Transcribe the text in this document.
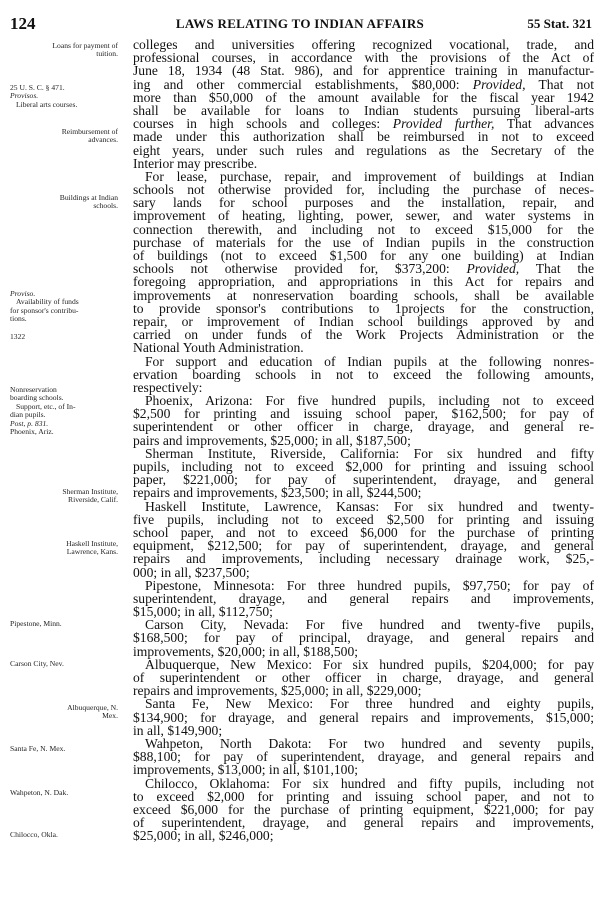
124	LAWS RELATING TO INDIAN AFFAIRS	55 Stat. 321
Loans for payment of
tuition.
25 U. S. C. § 471.
Provisos.
Liberal arts courses.
Reimbursement of
advances.
Buildings at Indian
schools.
Proviso.
Availability of funds
for sponsor's contribu-
tions.
1322
Nonreservation
boarding schools.
Support, etc., of In-
dian pupils.
Post, p. 831.
Phoenix, Ariz.
Sherman Institute,
Riverside, Calif.
Haskell Institute,
Lawrence, Kans.
Pipestone, Minn.
Carson City, Nev.
Albuquerque, N.
Mex.
Santa Fe, N. Mex.
Wahpeton, N. Dak.
Chilocco, Okla.
colleges and universities offering recognized vocational, trade, and
professional courses, in accordance with the provisions of the Act of
June 18, 1934 (48 Stat. 986), and for apprentice training in manufactur-
ing and other commercial establishments, $80,000: Provided, That not
more than $50,000 of the amount available for the fiscal year 1942
shall be available for loans to Indian students pursuing liberal-arts
courses in high schools and colleges: Provided further, That advances
made under this authorization shall be reimbursed in not to exceed
eight years, under such rules and regulations as the Secretary of the
Interior may prescribe.
For lease, purchase, repair, and improvement of buildings at Indian
schools not otherwise provided for, including the purchase of neces-
sary lands for school purposes and the installation, repair, and
improvement of heating, lighting, power, sewer, and water systems in
connection therewith, and including not to exceed $15,000 for the
purchase of materials for the use of Indian pupils in the construction
of buildings (not to exceed $1,500 for any one building) at Indian
schools not otherwise provided for, $373,200: Provided, That the
foregoing appropriation, and appropriations in this Act for repairs and
improvements at nonreservation boarding schools, shall be available
to provide sponsor's contributions to 1projects for the construction,
repair, or improvement of Indian school buildings approved by and
carried on under funds of the Work Projects Administration or the
National Youth Administration.
For support and education of Indian pupils at the following nonres-
ervation boarding schools in not to exceed the following amounts,
respectively:
Phoenix, Arizona: For five hundred pupils, including not to exceed
$2,500 for printing and issuing school paper, $162,500; for pay of
superintendent or other officer in charge, drayage, and general re-
pairs and improvements, $25,000; in all, $187,500;
Sherman Institute, Riverside, California: For six hundred and fifty
pupils, including not to exceed $2,000 for printing and issuing school
paper, $221,000; for pay of superintendent, drayage, and general
repairs and improvements, $23,500; in all, $244,500;
Haskell Institute, Lawrence, Kansas: For six hundred and twenty-
five pupils, including not to exceed $2,500 for printing and issuing
school paper, and not to exceed $6,000 for the purchase of printing
equipment, $212,500; for pay of superintendent, drayage, and general
repairs and improvements, including necessary drainage work, $25,-
000; in all, $237,500;
Pipestone, Minnesota: For three hundred pupils, $97,750; for pay of
superintendent, drayage, and general repairs and improvements,
$15,000; in all, $112,750;
Carson City, Nevada: For five hundred and twenty-five pupils,
$168,500; for pay of principal, drayage, and general repairs and
improvements, $20,000; in all, $188,500;
Albuquerque, New Mexico: For six hundred pupils, $204,000; for pay
of superintendent or other officer in charge, drayage, and general
repairs and improvements, $25,000; in all, $229,000;
Santa Fe, New Mexico: For three hundred and eighty pupils,
$134,900; for drayage, and general repairs and improvements, $15,000;
in all, $149,900;
Wahpeton, North Dakota: For two hundred and seventy pupils,
$88,100; for pay of superintendent, drayage, and general repairs and
improvements, $13,000; in all, $101,100;
Chilocco, Oklahoma: For six hundred and fifty pupils, including not
to exceed $2,000 for printing and issuing school paper, and not to
exceed $6,000 for the purchase of printing equipment, $221,000; for pay
of superintendent, drayage, and general repairs and improvements,
$25,000; in all, $246,000;
